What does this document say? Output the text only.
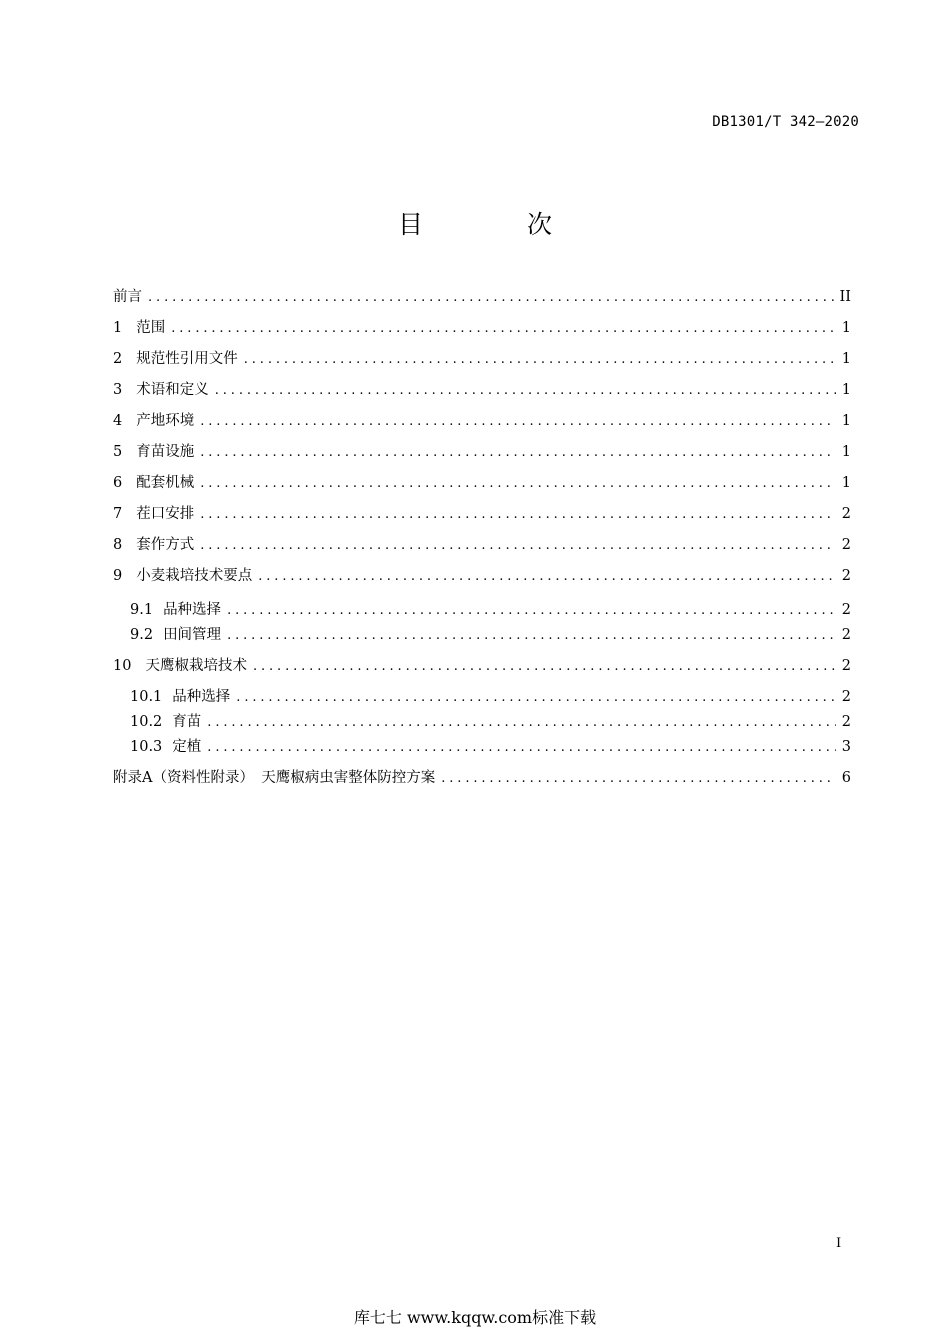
DB1301/T 342—2020
目 次
前言 .....	II
1 范围 .....	1
2 规范性引用文件 .....	1
3 术语和定义 .....	1
4 产地环境 .....	1
5 育苗设施 .....	1
6 配套机械 .....	1
7 茬口安排 .....	2
8 套作方式 .....	2
9 小麦栽培技术要点 .....	2
9.1 品种选择 .....	2
9.2 田间管理 .....	2
10 天鹰椒栽培技术 .....	2
10.1 品种选择 .....	2
10.2 育苗 .....	2
10.3 定植 .....	3
附录A（资料性附录）　天鹰椒病虫害整体防控方案 .....	6
I
库七七 www.kqqw.com标准下载
